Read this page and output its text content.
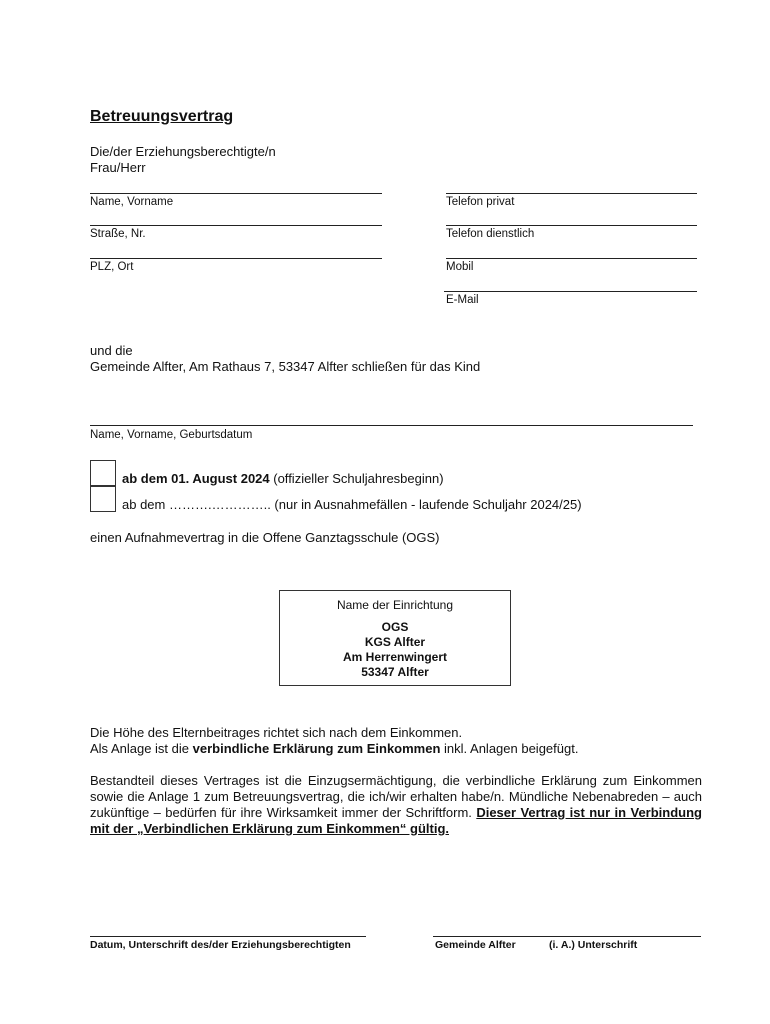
Betreuungsvertrag
Die/der Erziehungsberechtigte/n
Frau/Herr
Name, Vorname
Straße, Nr.
PLZ, Ort
Telefon privat
Telefon dienstlich
Mobil
E-Mail
und die
Gemeinde Alfter, Am Rathaus 7, 53347 Alfter schließen für das Kind
Name, Vorname, Geburtsdatum
ab dem 01. August 2024 (offizieller Schuljahresbeginn)
ab dem ……….………….. (nur in Ausnahmefällen - laufende Schuljahr 2024/25)
einen Aufnahmevertrag in die Offene Ganztagsschule (OGS)
Name der Einrichtung
OGS
KGS Alfter
Am Herrenwingert
53347 Alfter
Die Höhe des Elternbeitrages richtet sich nach dem Einkommen.
Als Anlage ist die verbindliche Erklärung zum Einkommen inkl. Anlagen beigefügt.
Bestandteil dieses Vertrages ist die Einzugsermächtigung, die verbindliche Erklärung zum Einkommen sowie die Anlage 1 zum Betreuungsvertrag, die ich/wir erhalten habe/n. Mündliche Nebenabreden – auch zukünftige – bedürfen für ihre Wirksamkeit immer der Schriftform. Dieser Vertrag ist nur in Verbindung mit der „Verbindlichen Erklärung zum Einkommen“ gültig.
Datum, Unterschrift des/der Erziehungsberechtigten	Gemeinde Alfter	(i. A.) Unterschrift
